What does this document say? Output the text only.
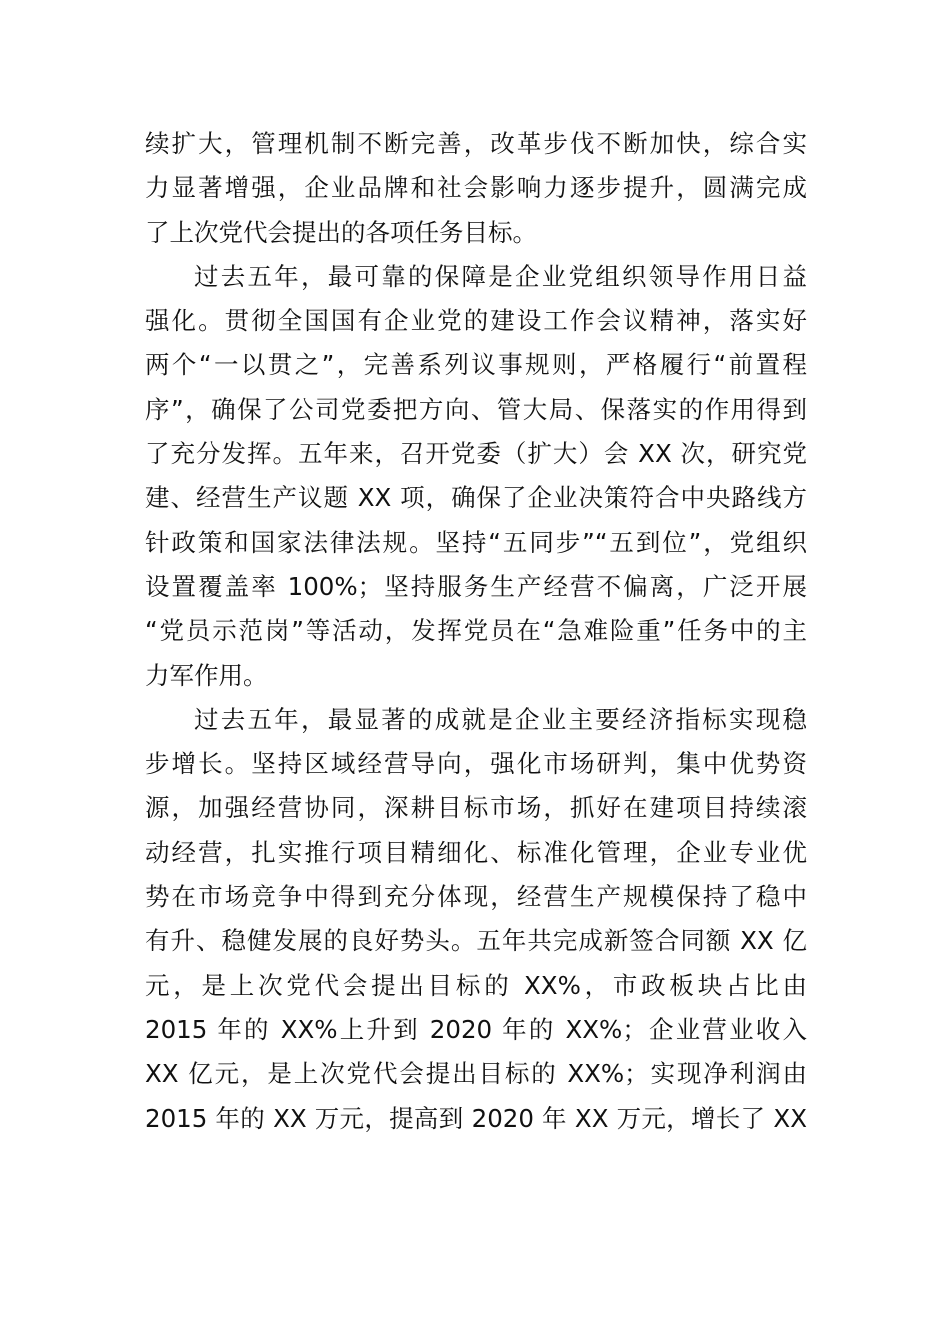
续扩大，管理机制不断完善，改革步伐不断加快，综合实
力显著增强，企业品牌和社会影响力逐步提升，圆满完成
了上次党代会提出的各项任务目标。
过去五年，最可靠的保障是企业党组织领导作用日益
强化。贯彻全国国有企业党的建设工作会议精神，落实好
两个“一以贯之”，完善系列议事规则，严格履行“前置程
序”，确保了公司党委把方向、管大局、保落实的作用得到
了充分发挥。五年来，召开党委（扩大）会 XX 次，研究党
建、经营生产议题 XX 项，确保了企业决策符合中央路线方
针政策和国家法律法规。坚持“五同步”“五到位”，党组织
设置覆盖率 100%；坚持服务生产经营不偏离，广泛开展
“党员示范岗”等活动，发挥党员在“急难险重”任务中的主
力军作用。
过去五年，最显著的成就是企业主要经济指标实现稳
步增长。坚持区域经营导向，强化市场研判，集中优势资
源，加强经营协同，深耕目标市场，抓好在建项目持续滚
动经营，扎实推行项目精细化、标准化管理，企业专业优
势在市场竞争中得到充分体现，经营生产规模保持了稳中
有升、稳健发展的良好势头。五年共完成新签合同额 XX 亿
元，是上次党代会提出目标的 XX%，市政板块占比由
2015 年的 XX%上升到 2020 年的 XX%；企业营业收入
XX 亿元，是上次党代会提出目标的 XX%；实现净利润由
2015 年的 XX 万元，提高到 2020 年 XX 万元，增长了 XX
